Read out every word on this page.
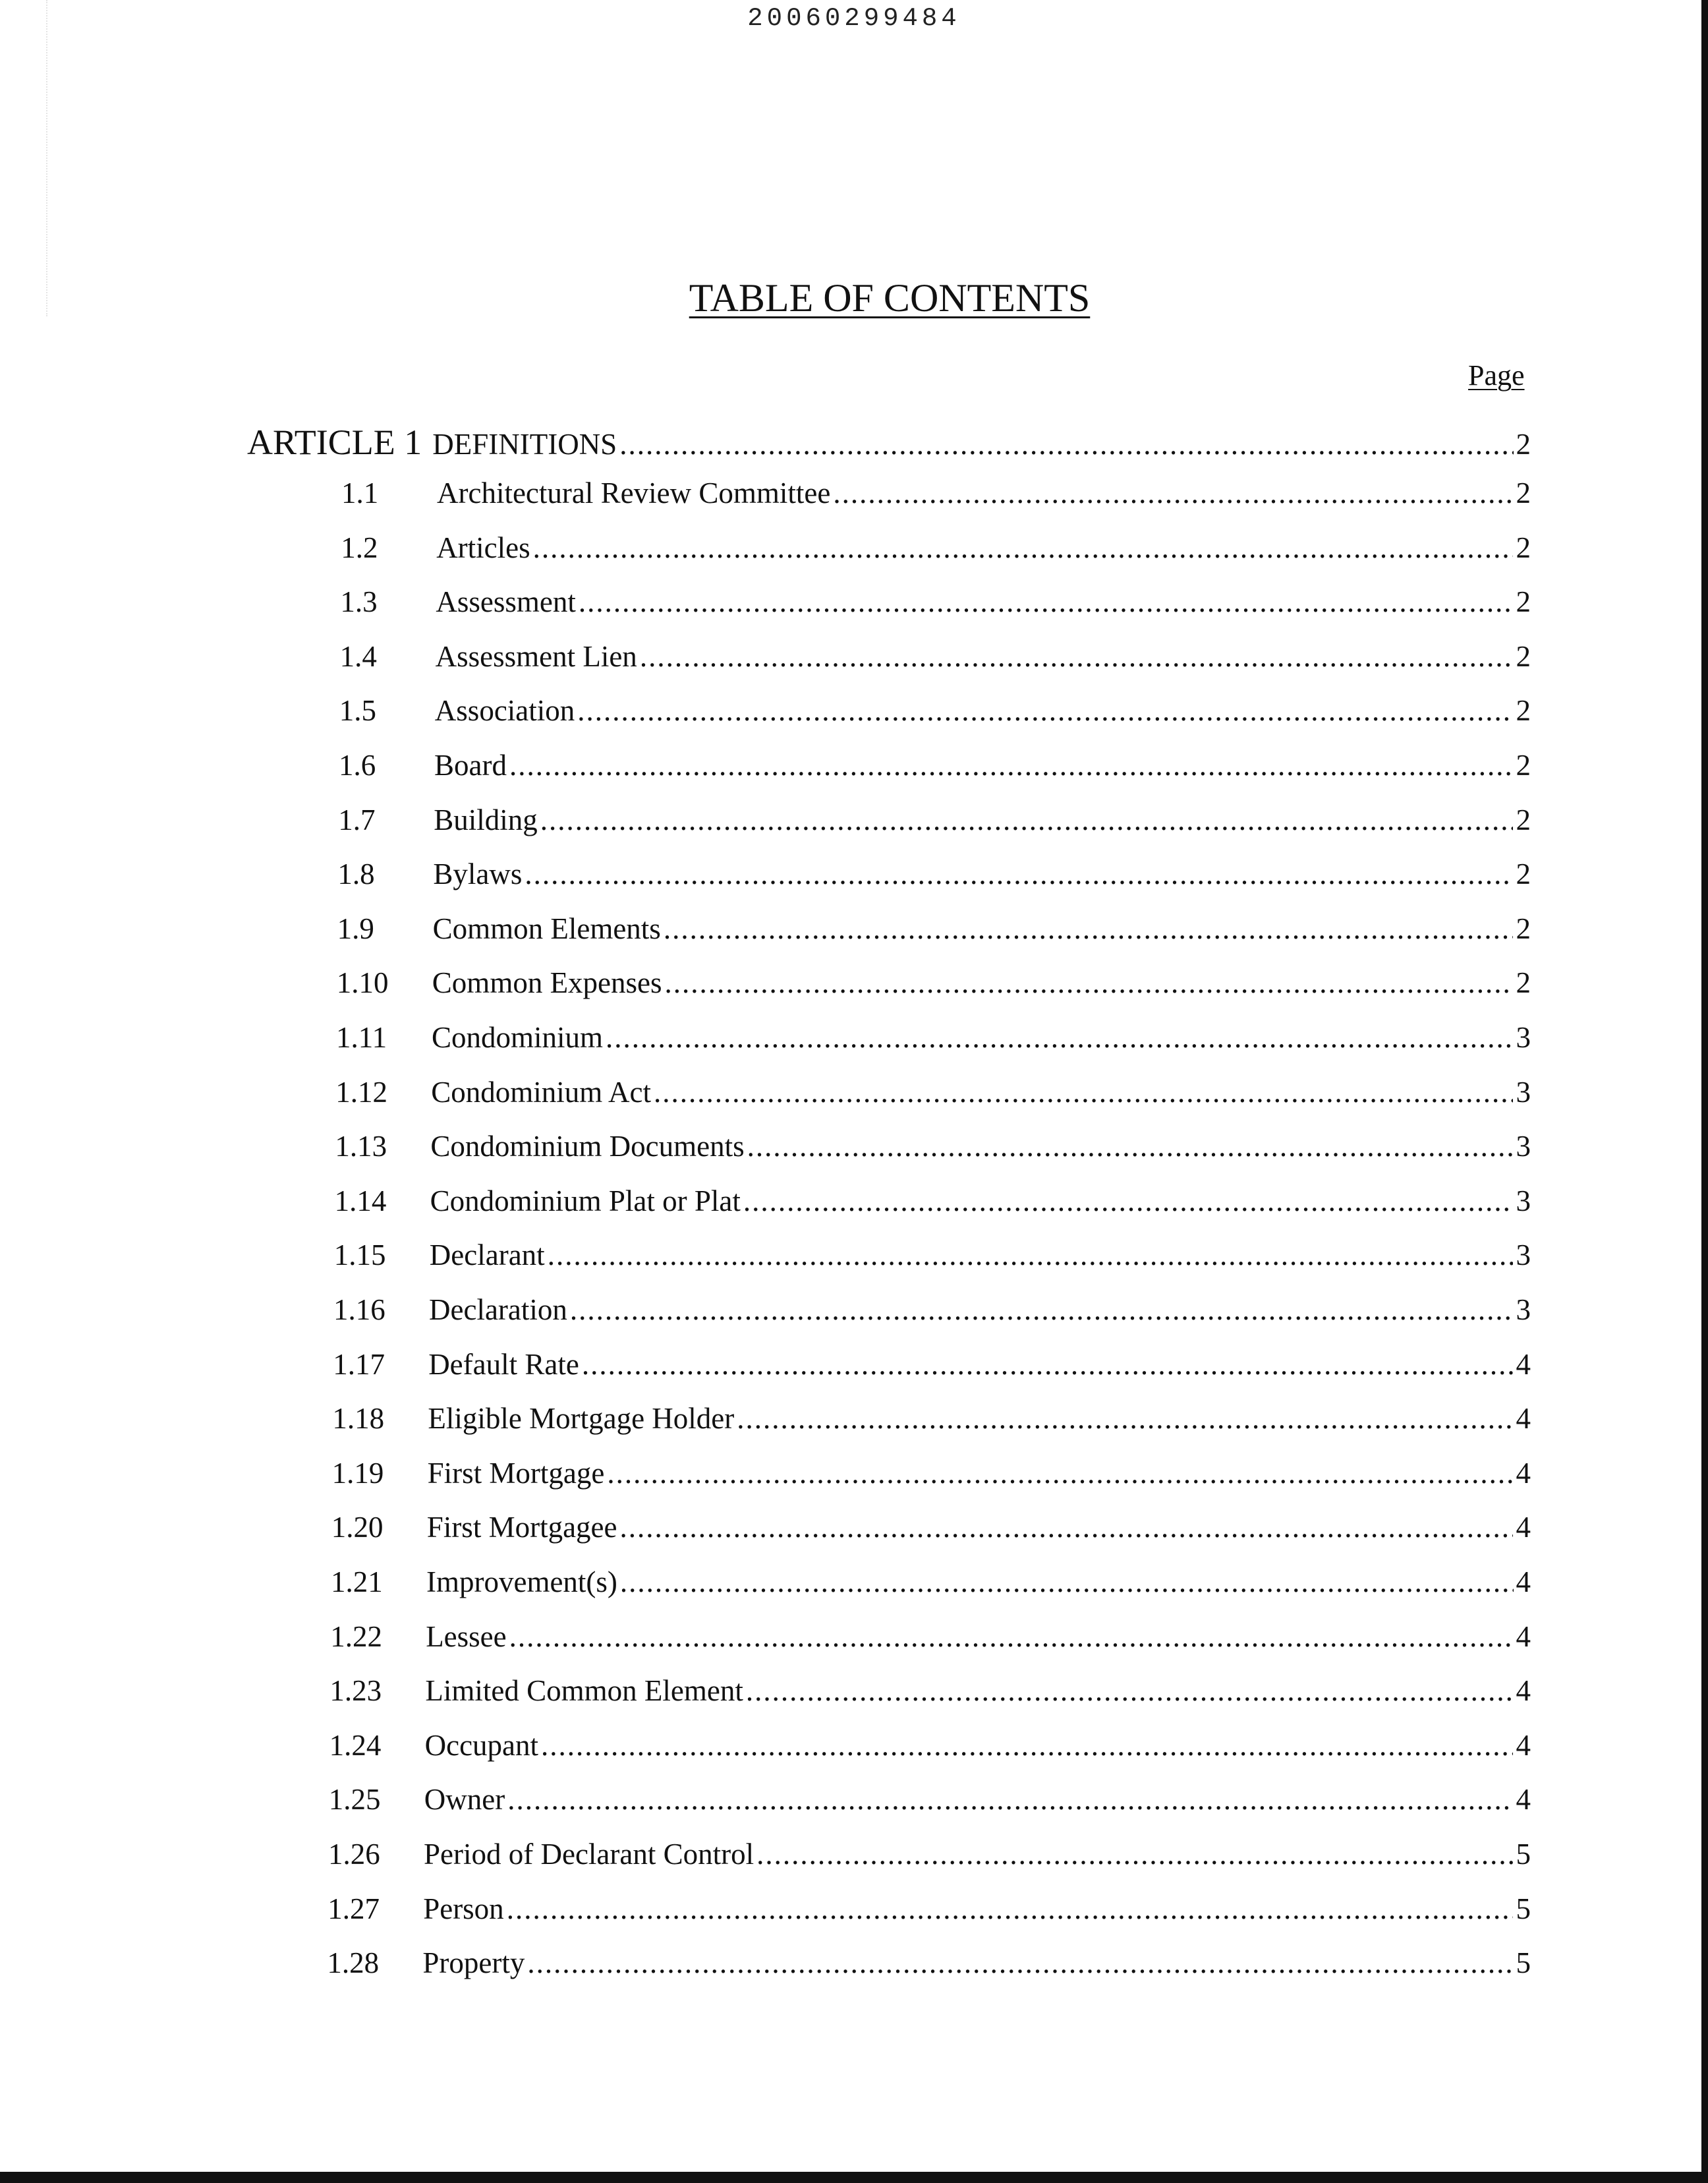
20060299484
TABLE OF CONTENTS
Page
ARTICLE 1 DEFINITIONS .....	2
1.1	Architectural Review Committee .....	2
1.2	Articles .....	2
1.3	Assessment .....	2
1.4	Assessment Lien .....	2
1.5	Association .....	2
1.6	Board .....	2
1.7	Building .....	2
1.8	Bylaws .....	2
1.9	Common Elements .....	2
1.10	Common Expenses .....	2
1.11	Condominium .....	3
1.12	Condominium Act .....	3
1.13	Condominium Documents .....	3
1.14	Condominium Plat or Plat .....	3
1.15	Declarant .....	3
1.16	Declaration .....	3
1.17	Default Rate .....	4
1.18	Eligible Mortgage Holder .....	4
1.19	First Mortgage .....	4
1.20	First Mortgagee .....	4
1.21	Improvement(s) .....	4
1.22	Lessee .....	4
1.23	Limited Common Element .....	4
1.24	Occupant .....	4
1.25	Owner .....	4
1.26	Period of Declarant Control .....	5
1.27	Person .....	5
1.28	Property .....	5
